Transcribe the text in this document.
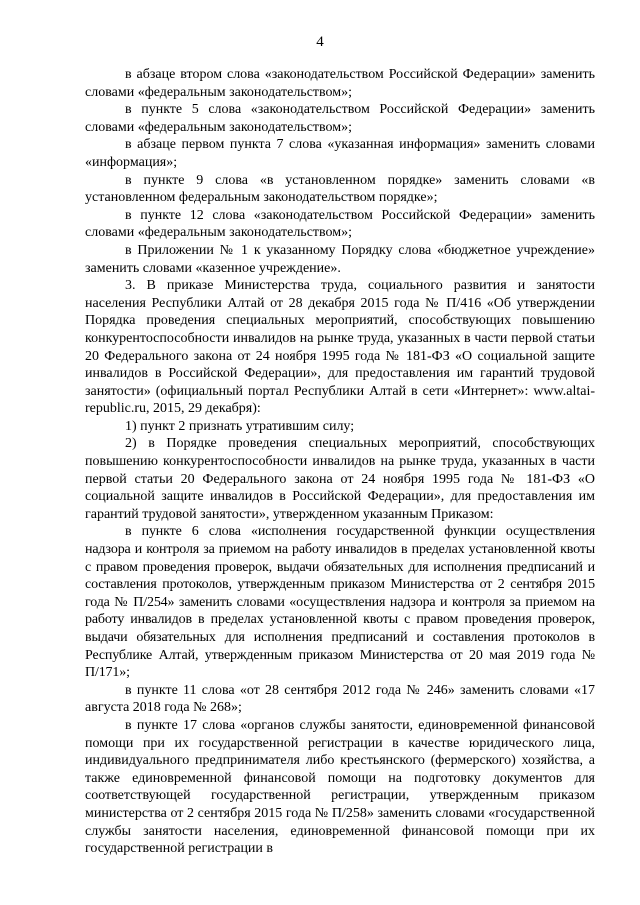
4

в абзаце втором слова «законодательством Российской Федерации» заменить словами «федеральным законодательством»;

в пункте 5 слова «законодательством Российской Федерации» заменить словами «федеральным законодательством»;

в абзаце первом пункта 7 слова «указанная информация» заменить словами «информация»;

в пункте 9 слова «в установленном порядке» заменить словами «в установленном федеральным законодательством порядке»;

в пункте 12 слова «законодательством Российской Федерации» заменить словами «федеральным законодательством»;

в Приложении № 1 к указанному Порядку слова «бюджетное учреждение» заменить словами «казенное учреждение».

3. В приказе Министерства труда, социального развития и занятости населения Республики Алтай от 28 декабря 2015 года № П/416 «Об утверждении Порядка проведения специальных мероприятий, способствующих повышению конкурентоспособности инвалидов на рынке труда, указанных в части первой статьи 20 Федерального закона от 24 ноября 1995 года № 181-ФЗ «О социальной защите инвалидов в Российской Федерации», для предоставления им гарантий трудовой занятости» (официальный портал Республики Алтай в сети «Интернет»: www.altai-republic.ru, 2015, 29 декабря):

1) пункт 2 признать утратившим силу;

2) в Порядке проведения специальных мероприятий, способствующих повышению конкурентоспособности инвалидов на рынке труда, указанных в части первой статьи 20 Федерального закона от 24 ноября 1995 года № 181-ФЗ «О социальной защите инвалидов в Российской Федерации», для предоставления им гарантий трудовой занятости», утвержденном указанным Приказом:

в пункте 6 слова «исполнения государственной функции осуществления надзора и контроля за приемом на работу инвалидов в пределах установленной квоты с правом проведения проверок, выдачи обязательных для исполнения предписаний и составления протоколов, утвержденным приказом Министерства от 2 сентября 2015 года № П/254» заменить словами «осуществления надзора и контроля за приемом на работу инвалидов в пределах установленной квоты с правом проведения проверок, выдачи обязательных для исполнения предписаний и составления протоколов в Республике Алтай, утвержденным приказом Министерства от 20 мая 2019 года № П/171»;

в пункте 11 слова «от 28 сентября 2012 года № 246» заменить словами «17 августа 2018 года № 268»;

в пункте 17 слова «органов службы занятости, единовременной финансовой помощи при их государственной регистрации в качестве юридического лица, индивидуального предпринимателя либо крестьянского (фермерского) хозяйства, а также единовременной финансовой помощи на подготовку документов для соответствующей государственной регистрации, утвержденным приказом министерства от 2 сентября 2015 года № П/258» заменить словами «государственной службы занятости населения, единовременной финансовой помощи при их государственной регистрации в
